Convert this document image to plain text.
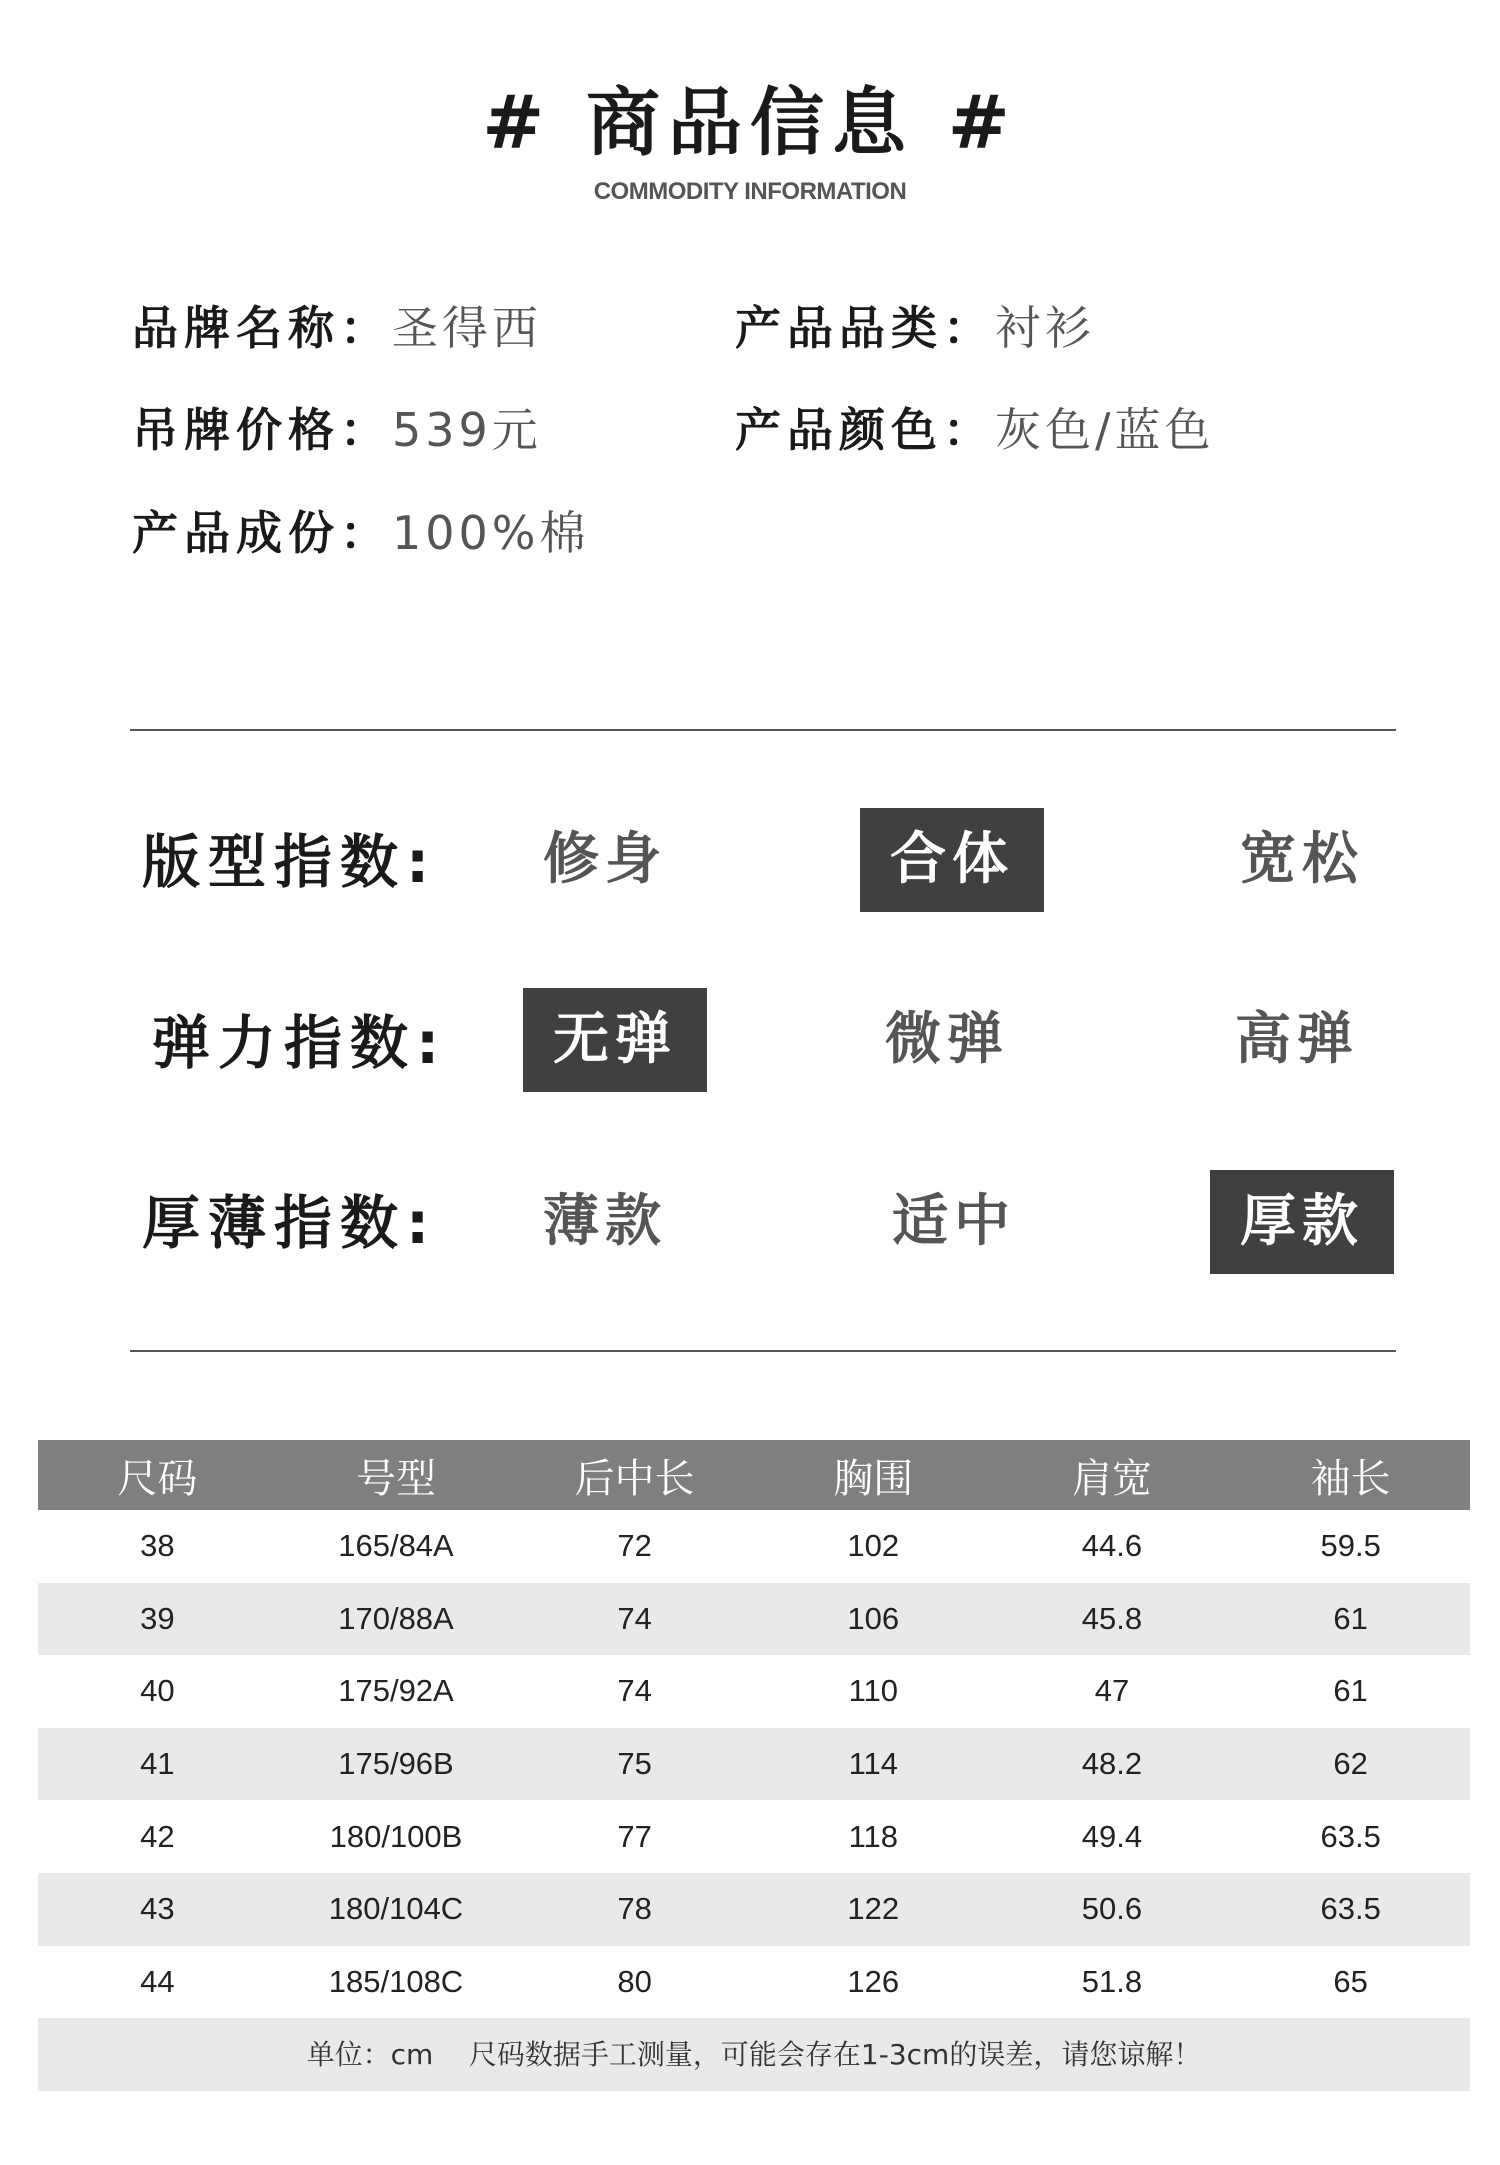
# 商品信息 #
COMMODITY INFORMATION
品牌名称：圣得西	产品品类：衬衫
吊牌价格：539元	产品颜色：灰色/蓝色
产品成份：100%棉
版型指数:	修身	合体	宽松
弹力指数:	无弹	微弹	高弹
厚薄指数:	薄款	适中	厚款
尺码	号型	后中长	胸围	肩宽	袖长
38	165/84A	72	102	44.6	59.5
39	170/88A	74	106	45.8	61
40	175/92A	74	110	47	61
41	175/96B	75	114	48.2	62
42	180/100B	77	118	49.4	63.5
43	180/104C	78	122	50.6	63.5
44	185/108C	80	126	51.8	65
单位：cm    尺码数据手工测量，可能会存在1-3cm的误差，请您谅解！
